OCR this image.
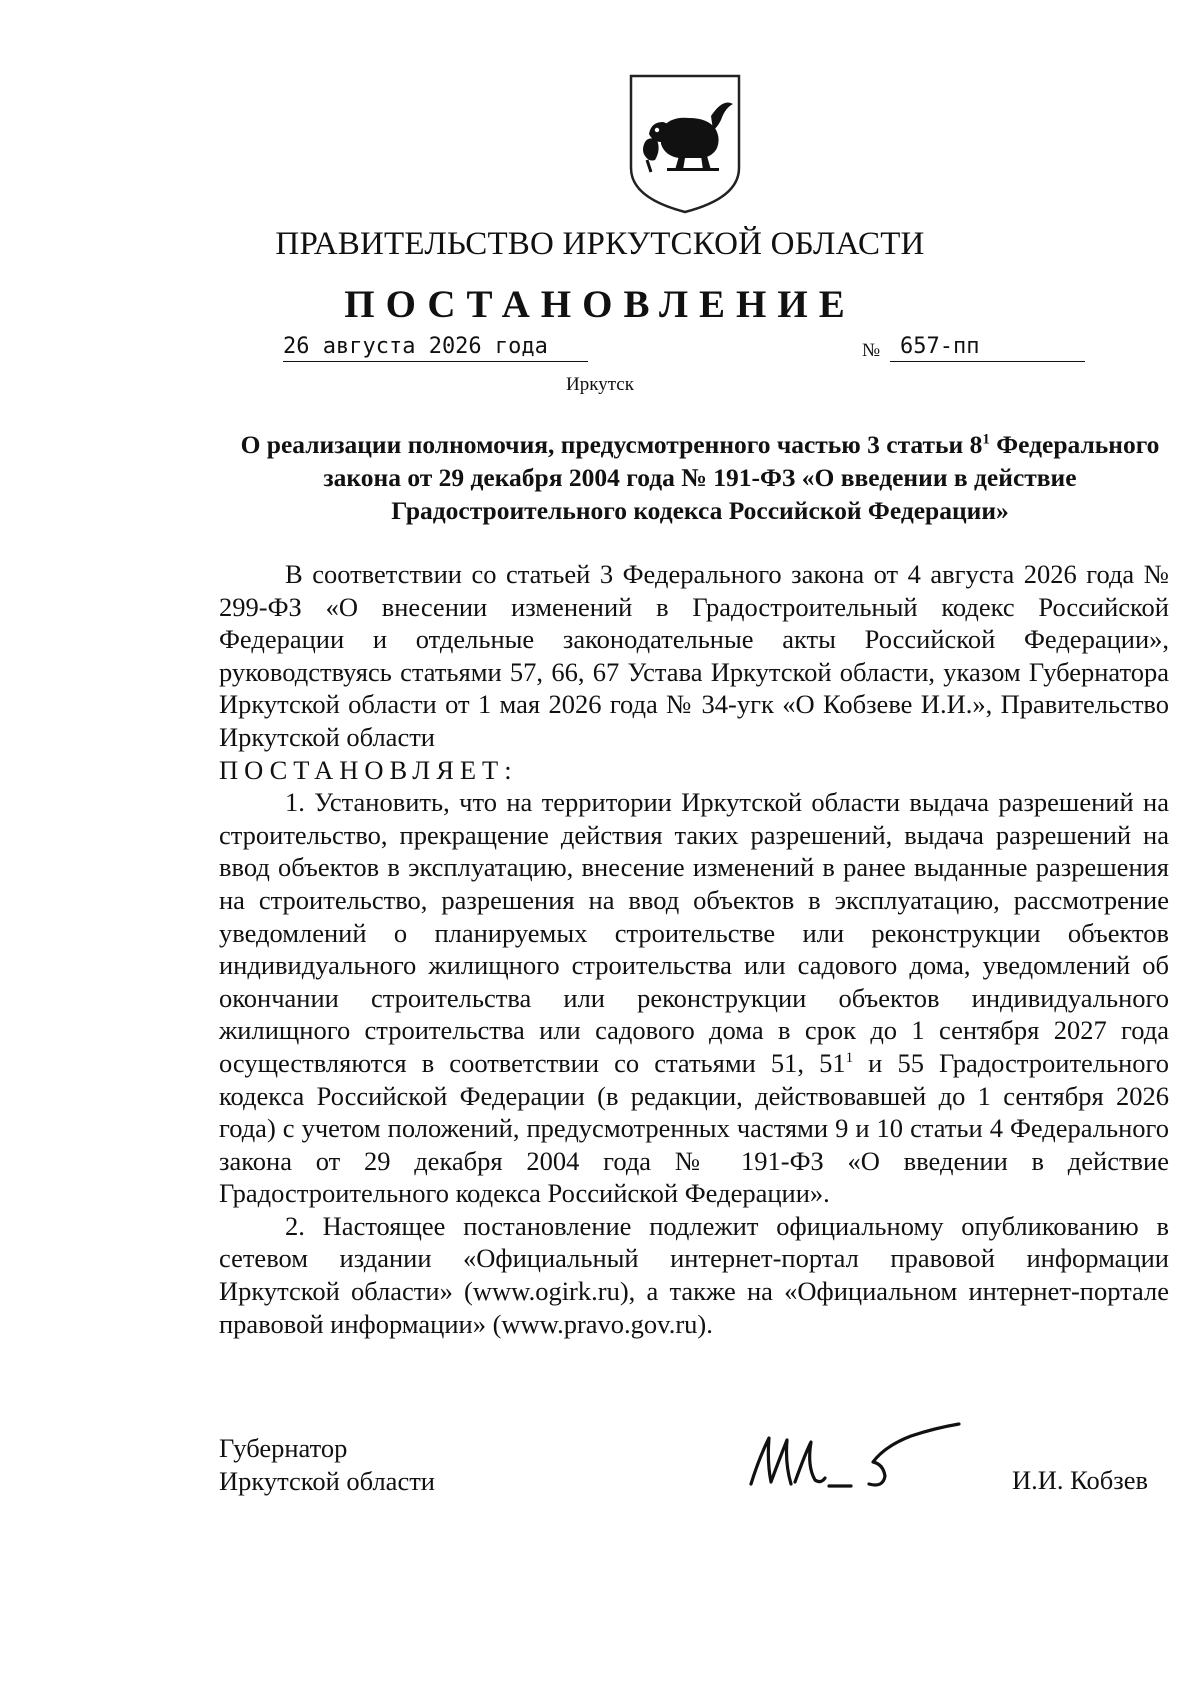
ПРАВИТЕЛЬСТВО ИРКУТСКОЙ ОБЛАСТИ
ПОСТАНОВЛЕНИЕ
26 августа 2026 года	№ 657-пп
Иркутск
О реализации полномочия, предусмотренного частью 3 статьи $8^1$ Федерального закона от 29 декабря 2004 года № 191-ФЗ «О введении в действие Градостроительного кодекса Российской Федерации»

В соответствии со статьей 3 Федерального закона от 4 августа 2026 года № 299-ФЗ «О внесении изменений в Градостроительный кодекс Российской Федерации и отдельные законодательные акты Российской Федерации», руководствуясь статьями 57, 66, 67 Устава Иркутской области, указом Губернатора Иркутской области от 1 мая 2026 года № 34-угк «О Кобзеве И.И.», Правительство Иркутской области

ПОСТАНОВЛЯЕТ:

1. Установить, что на территории Иркутской области выдача разрешений на строительство, прекращение действия таких разрешений, выдача разрешений на ввод объектов в эксплуатацию, внесение изменений в ранее выданные разрешения на строительство, разрешения на ввод объектов в эксплуатацию, рассмотрение уведомлений о планируемых строительстве или реконструкции объектов индивидуального жилищного строительства или садового дома, уведомлений об окончании строительства или реконструкции объектов индивидуального жилищного строительства или садового дома в срок до 1 сентября 2027 года осуществляются в соответствии со статьями 51, $51^1$ и 55 Градостроительного кодекса Российской Федерации (в редакции, действовавшей до 1 сентября 2026 года) с учетом положений, предусмотренных частями 9 и 10 статьи 4 Федерального закона от 29 декабря 2004 года № 191-ФЗ «О введении в действие Градостроительного кодекса Российской Федерации».

2. Настоящее постановление подлежит официальному опубликованию в сетевом издании «Официальный интернет-портал правовой информации Иркутской области» (www.ogirk.ru), а также на «Официальном интернет-портале правовой информации» (www.pravo.gov.ru).

Губернатор
Иркутской области	И.И. Кобзев
